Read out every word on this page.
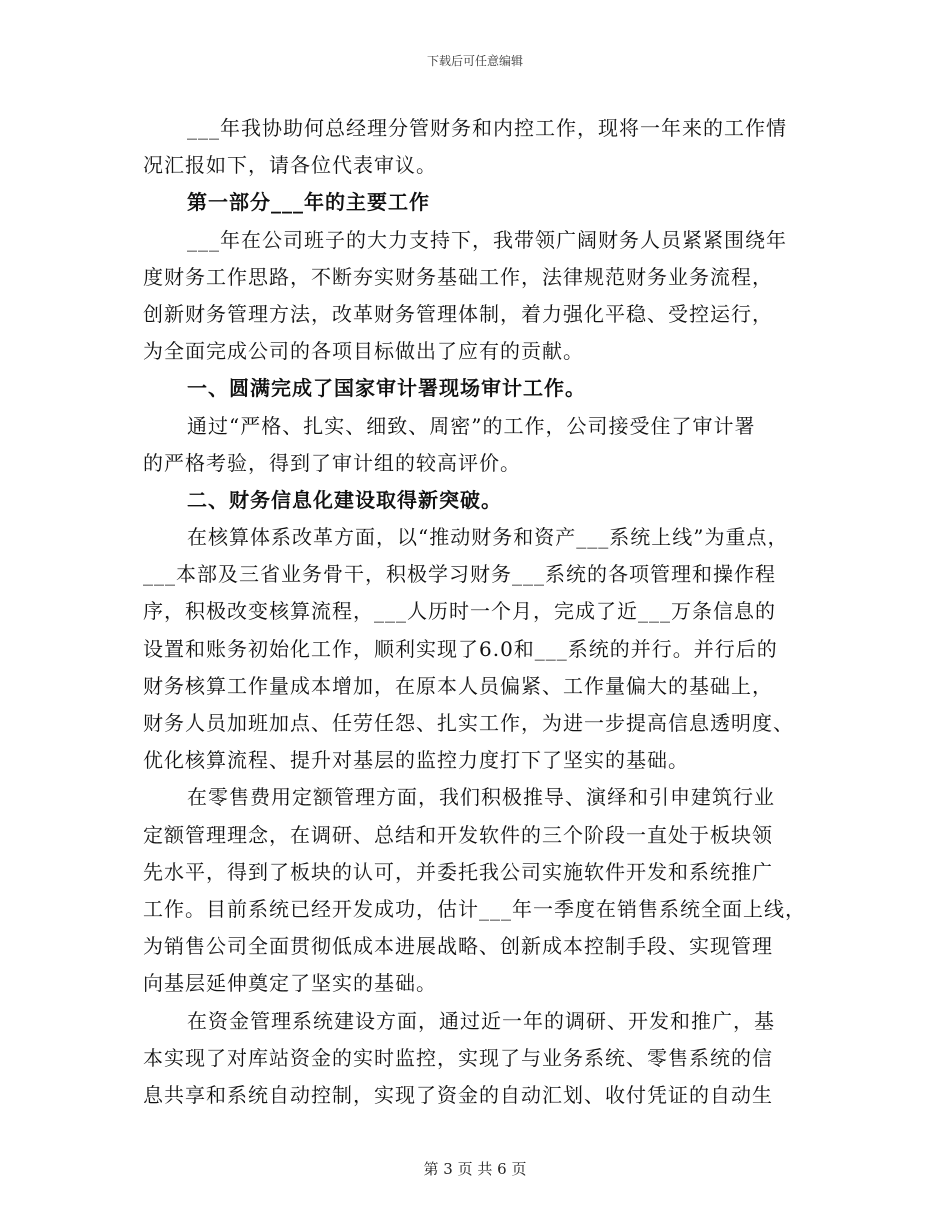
下载后可任意编辑
___年我协助何总经理分管财务和内控工作，现将一年来的工作情
况汇报如下，请各位代表审议。
第一部分___年的主要工作
___年在公司班子的大力支持下，我带领广阔财务人员紧紧围绕年
度财务工作思路，不断夯实财务基础工作，法律规范财务业务流程，
创新财务管理方法，改革财务管理体制，着力强化平稳、受控运行，
为全面完成公司的各项目标做出了应有的贡献。
一、圆满完成了国家审计署现场审计工作。
通过“严格、扎实、细致、周密”的工作，公司接受住了审计署
的严格考验，得到了审计组的较高评价。
二、财务信息化建设取得新突破。
在核算体系改革方面，以“推动财务和资产___系统上线”为重点，
___本部及三省业务骨干，积极学习财务___系统的各项管理和操作程
序，积极改变核算流程，___人历时一个月，完成了近___万条信息的
设置和账务初始化工作，顺利实现了6.0和___系统的并行。并行后的
财务核算工作量成本增加，在原本人员偏紧、工作量偏大的基础上，
财务人员加班加点、任劳任怨、扎实工作，为进一步提高信息透明度、
优化核算流程、提升对基层的监控力度打下了坚实的基础。
在零售费用定额管理方面，我们积极推导、演绎和引申建筑行业
定额管理理念，在调研、总结和开发软件的三个阶段一直处于板块领
先水平，得到了板块的认可，并委托我公司实施软件开发和系统推广
工作。目前系统已经开发成功，估计___年一季度在销售系统全面上线，
为销售公司全面贯彻低成本进展战略、创新成本控制手段、实现管理
向基层延伸奠定了坚实的基础。
在资金管理系统建设方面，通过近一年的调研、开发和推广，基
本实现了对库站资金的实时监控，实现了与业务系统、零售系统的信
息共享和系统自动控制，实现了资金的自动汇划、收付凭证的自动生
第 3 页 共 6 页
